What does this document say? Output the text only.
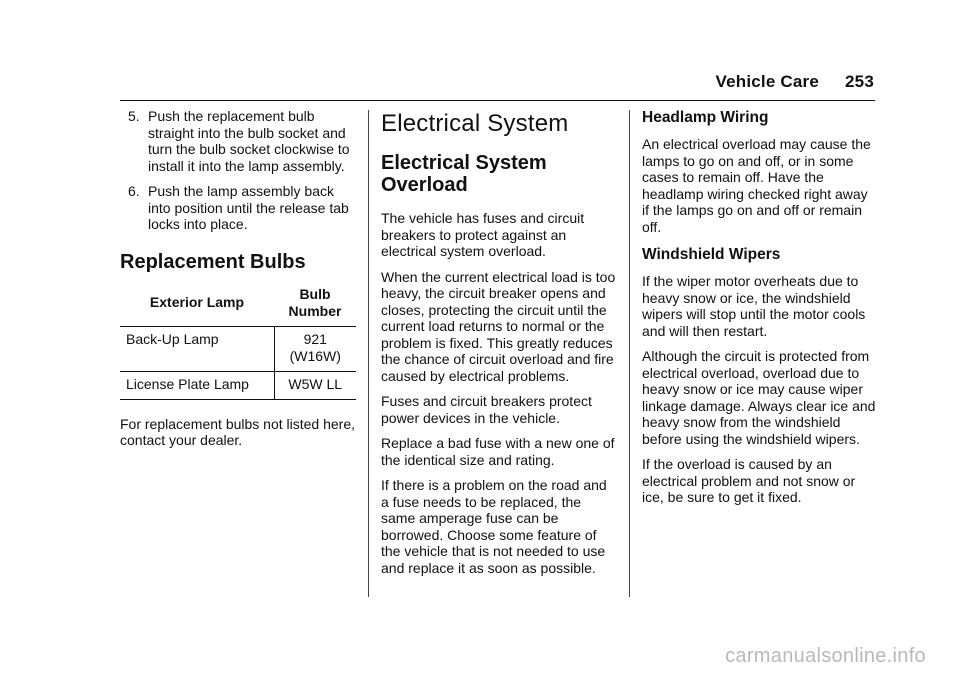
Vehicle Care 253
5. Push the replacement bulb straight into the bulb socket and turn the bulb socket clockwise to install it into the lamp assembly.
6. Push the lamp assembly back into position until the release tab locks into place.
Replacement Bulbs
Exterior Lamp	Bulb Number
Back-Up Lamp	921 (W16W)
License Plate Lamp	W5W LL

For replacement bulbs not listed here, contact your dealer.

Electrical System
Electrical System Overload

The vehicle has fuses and circuit breakers to protect against an electrical system overload.

When the current electrical load is too heavy, the circuit breaker opens and closes, protecting the circuit until the current load returns to normal or the problem is fixed. This greatly reduces the chance of circuit overload and fire caused by electrical problems.

Fuses and circuit breakers protect power devices in the vehicle.

Replace a bad fuse with a new one of the identical size and rating.

If there is a problem on the road and a fuse needs to be replaced, the same amperage fuse can be borrowed. Choose some feature of the vehicle that is not needed to use and replace it as soon as possible.

Headlamp Wiring

An electrical overload may cause the lamps to go on and off, or in some cases to remain off. Have the headlamp wiring checked right away if the lamps go on and off or remain off.

Windshield Wipers

If the wiper motor overheats due to heavy snow or ice, the windshield wipers will stop until the motor cools and will then restart.

Although the circuit is protected from electrical overload, overload due to heavy snow or ice may cause wiper linkage damage. Always clear ice and heavy snow from the windshield before using the windshield wipers.

If the overload is caused by an electrical problem and not snow or ice, be sure to get it fixed.

carmanualsonline.info
